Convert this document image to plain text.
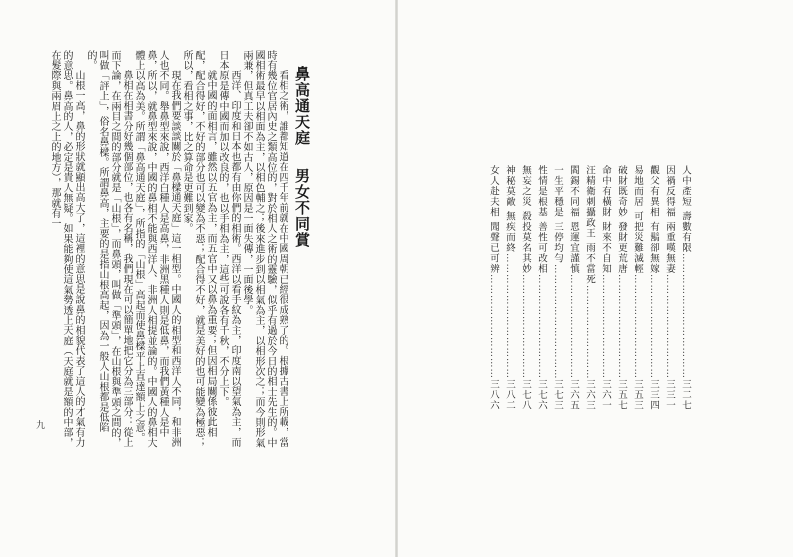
鼻高通天庭 男女不同賞

看相之術，誰都知道在四千年前就在中國周朝已經很成熟了的。根據古書上所載，當時有幾位官居內史之類高位的，對於相人之術的靈驗，似乎有過於今日的相士先生的。中國相術最早以相面為主，以相色輔之；後來進步到以相氣為主，以相形次之；而今則形氣兩兼，但真工夫卻不如古人，原因是一面失傳，一面後學。

西洋、印度和日本也都有由你們的相術。西洋以看手紋為主，印度南以望氣為主，而日本原是傳中國而加以改良的，也以手相為主，這些可說各有千秋，不分上下。

就中國的面相言，雖然以五官為主，而五官中又以鼻為重要；但因相局關係彼此相配，配合得好，不好的部分也可以變為不惡；配合得不好，就是美好的也可能變為極惡；所以，看相之事，比之算命是更難到家。

現在我們要談談關於「鼻樑通天庭」這一相型。中國人的相型和西洋人不同，和非洲人也不同。舉鼻型來說，西洋白種人是高鼻，非洲黑種人則是低鼻，而我們黃種人是中鼻，所以，就鼻型來說，中國的鼻相不能與西洋人、非洲人相提並論的。中國人的鼻相大體上以高為美。所謂「鼻高通天庭」，所指的「山根」高起而使鼻樑平上直達額上之意。

鼻相在相書分好幾個部位，也各有名稱，我們現在可以簡單地把它分為三部分：從上而下論，在兩目之間的部分就是「山根」，而鼻頭，叫做「準頭」，在山根與準頭之間的，叫做「評上」，俗名鼻樑。所謂鼻高，主要的是指山根高起，因為一般人山根都是低陷的。

山根一高，鼻的形狀就顯出高大了，這裡的意思是說鼻的相貌代表了這人的才氣有力的意思。鼻高的人，必定是貴人無疑。如果能夠使這氣勢透上天庭（天庭就是額的中部，在髮際與兩眉上之上的地方），那就有一

九
人中產短 壽數有限
…………………………………………………………………………
三二七
因禍反得福 兩重嘆無妻
…………………………………………………………………………
三三一
觀父有異相 有鬍卻無嫁
…………………………………………………………………………
三三四
易地而居 可把災難滅輕
…………………………………………………………………………
三五三
破財既奇妙 發財更荒唐
…………………………………………………………………………
三五七
命中有橫財 財來不自知
…………………………………………………………………………
三六一
汪精衛刺攝政王 雨不當死
…………………………………………………………………………
三六三
閻錫不同福 恩運宜謹慎
…………………………………………………………………………
三六五
一生平穩是 三停均勻
…………………………………………………………………………
三七三
性情是根基 善性可改相
…………………………………………………………………………
三七六
無妄之災 殺投莫名其妙
…………………………………………………………………………
三七八
神秘莫敵 無疾而終
…………………………………………………………………………
三八二
女人赴夫相 聞聲已可辨
…………………………………………………………………………
三八六
